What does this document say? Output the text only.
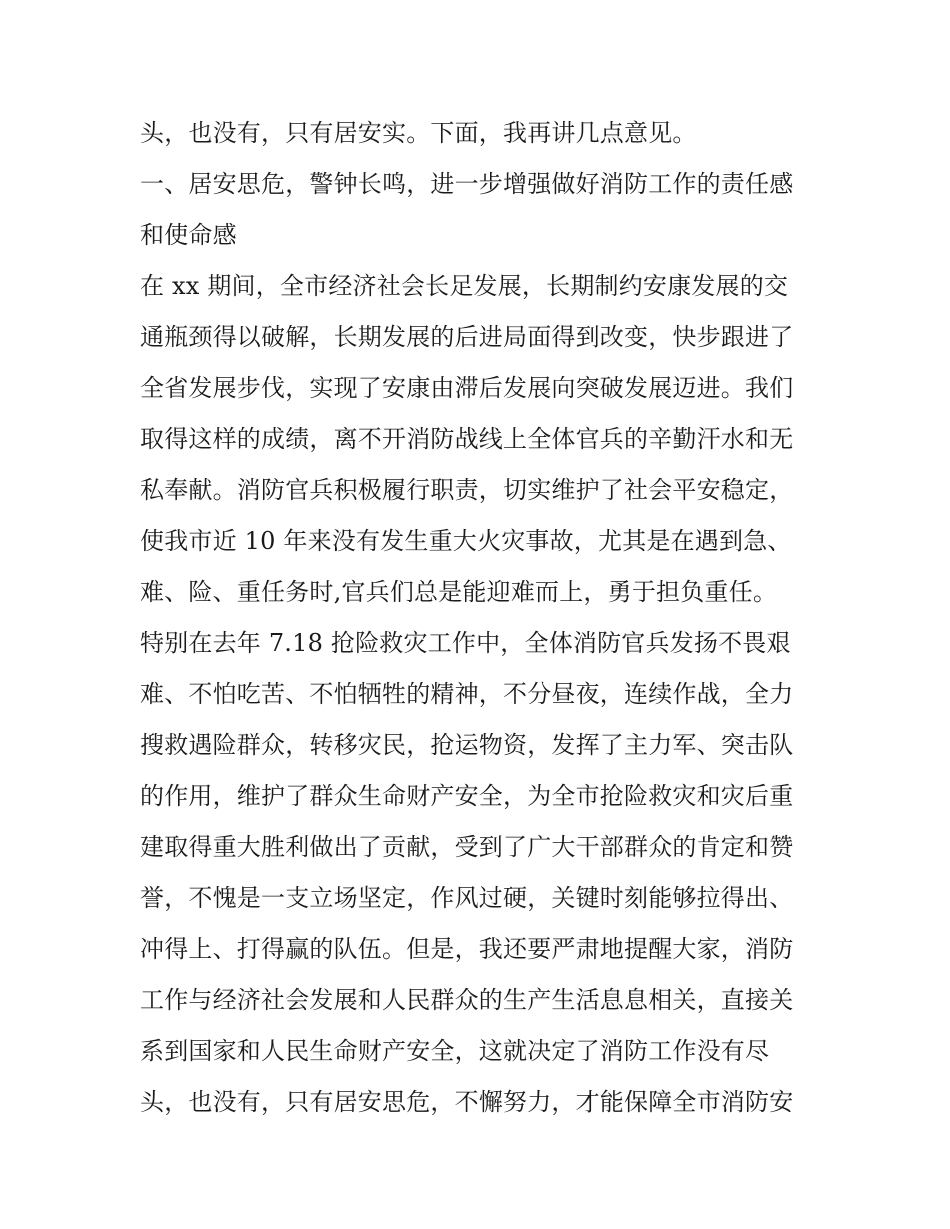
头，也没有，只有居安实。下面，我再讲几点意见。
一、居安思危，警钟长鸣，进一步增强做好消防工作的责任感
和使命感
在 xx 期间，全市经济社会长足发展，长期制约安康发展的交
通瓶颈得以破解，长期发展的后进局面得到改变，快步跟进了
全省发展步伐，实现了安康由滞后发展向突破发展迈进。我们
取得这样的成绩，离不开消防战线上全体官兵的辛勤汗水和无
私奉献。消防官兵积极履行职责，切实维护了社会平安稳定，
使我市近 10 年来没有发生重大火灾事故，尤其是在遇到急、
难、险、重任务时,官兵们总是能迎难而上，勇于担负重任。
特别在去年 7.18 抢险救灾工作中，全体消防官兵发扬不畏艰
难、不怕吃苦、不怕牺牲的精神，不分昼夜，连续作战，全力
搜救遇险群众，转移灾民，抢运物资，发挥了主力军、突击队
的作用，维护了群众生命财产安全，为全市抢险救灾和灾后重
建取得重大胜利做出了贡献，受到了广大干部群众的肯定和赞
誉，不愧是一支立场坚定，作风过硬，关键时刻能够拉得出、
冲得上、打得赢的队伍。但是，我还要严肃地提醒大家，消防
工作与经济社会发展和人民群众的生产生活息息相关，直接关
系到国家和人民生命财产安全，这就决定了消防工作没有尽
头，也没有，只有居安思危，不懈努力，才能保障全市消防安
